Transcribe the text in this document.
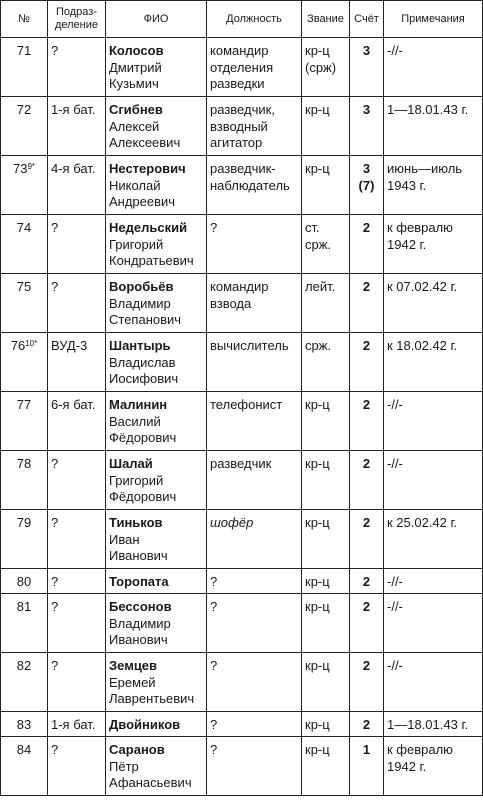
№	Подраз-
деление	ФИО	Должность	Звание	Счёт	Примечания
71	?	Колосов
Дмитрий
Кузьмич	командир
отделения
разведки	кр-ц
(срж)	3	-//-

72	1-я бат.	Сгибнев
Алексей
Алексеевич	разведчик,
взводный
агитатор	кр-ц	3	1—18.01.43 г.

$73^{9*}$	4-я бат.	Нестерович
Николай
Андреевич	разведчик-
наблюдатель	кр-ц	3
(7)	июнь—июль
1943 г.

74	?	Недельский
Григорий
Кондратьевич	?	ст.
срж.	2	к февралю
1942 г.

75	?	Воробьёв
Владимир
Степанович	командир
взвода	лейт.	2	к 07.02.42 г.

$76^{10*}$	ВУД-3	Шантырь
Владислав
Иосифович	вычислитель	срж.	2	к 18.02.42 г.

77	6-я бат.	Малинин
Василий
Фёдорович	телефонист	кр-ц	2	-//-

78	?	Шалай
Григорий
Фёдорович	разведчик	кр-ц	2	-//-

79	?	Тиньков
Иван
Иванович	шофёр	кр-ц	2	к 25.02.42 г.

80	?	Торопата	?	кр-ц	2	-//-

81	?	Бессонов
Владимир
Иванович	?	кр-ц	2	-//-

82	?	Земцев
Еремей
Лаврентьевич	?	кр-ц	2	-//-

83	1-я бат.	Двойников	?	кр-ц	2	1—18.01.43 г.

84	?	Саранов
Пётр
Афанасьевич	?	кр-ц	1	к февралю
1942 г.
